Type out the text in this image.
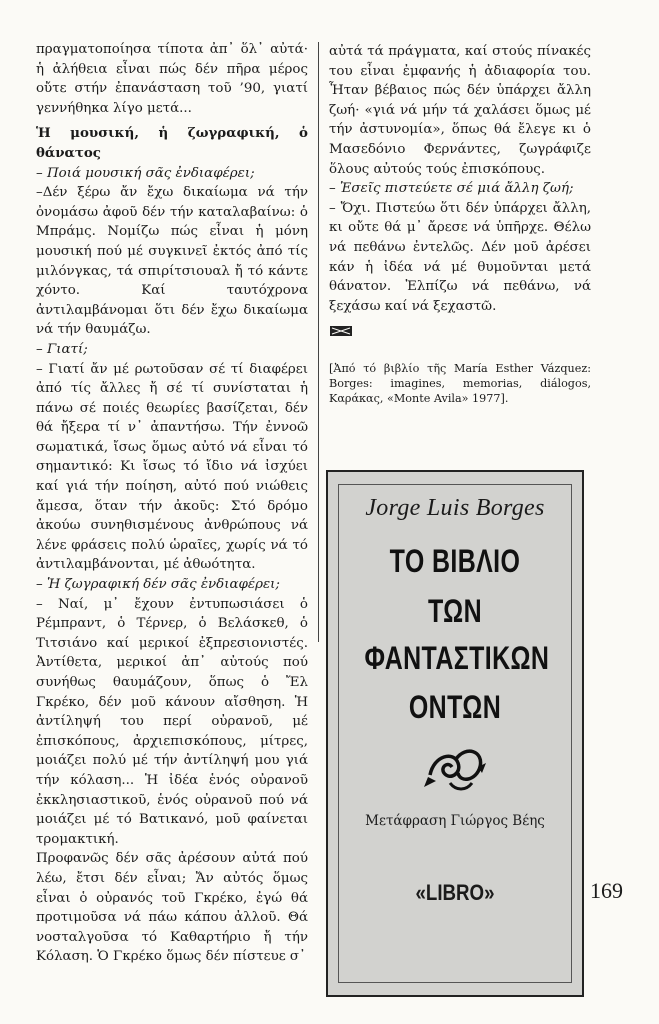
πραγματοποίησα τίποτα ἀπ᾽ ὅλ᾽ αὐτά· ἡ ἀλήθεια εἶναι πώς δέν πῆρα μέρος οὔτε στήν ἐπανάσταση τοῦ ’90, γιατί γεννήθηκα λίγο μετά...

Ἡ μουσική, ἡ ζωγραφική, ὁ θάνατος

– Ποιά μουσική σᾶς ἐνδιαφέρει;

–Δέν ξέρω ἄν ἔχω δικαίωμα νά τήν ὀνομάσω ἀφοῦ δέν τήν καταλαβαίνω: ὁ Μπράμς. Νομίζω πώς εἶναι ἡ μόνη μουσική πού μέ συγκινεῖ ἐκτός ἀπό τίς μιλόνγκας, τά σπιρίτσιουαλ ἤ τό κάντε χόντο. Καί ταυτόχρονα ἀντιλαμβάνομαι ὅτι δέν ἔχω δικαίωμα νά τήν θαυμάζω.

– Γιατί;

– Γιατί ἄν μέ ρωτοῦσαν σέ τί διαφέρει ἀπό τίς ἄλλες ἤ σέ τί συνίσταται ἡ πάνω σέ ποιές θεωρίες βασίζεται, δέν θά ἤξερα τί ν᾽ ἀπαντήσω. Τήν ἐννοῶ σωματικά, ἴσως ὅμως αὐτό νά εἶναι τό σημαντικό: Κι ἴσως τό ἴδιο νά ἰσχύει καί γιά τήν ποίηση, αὐτό πού νιώθεις ἄμεσα, ὅταν τήν ἀκοῦς: Στό δρόμο ἀκούω συνηθισμένους ἀνθρώπους νά λένε φράσεις πολύ ὡραῖες, χωρίς νά τό ἀντιλαμβάνονται, μέ ἀθωότητα.

– Ἡ ζωγραφική δέν σᾶς ἐνδιαφέρει;

– Ναί, μ᾽ ἔχουν ἐντυπωσιάσει ὁ Ρέμπραντ, ὁ Τέρνερ, ὁ Βελάσκεθ, ὁ Τιτσιάνο καί μερικοί ἐξπρεσιονιστές. Ἀντίθετα, μερικοί ἀπ᾽ αὐτούς πού συνήθως θαυμάζουν, ὅπως ὁ Ἔλ Γκρέκο, δέν μοῦ κάνουν αἴσθηση. Ἡ ἀντίληψή του περί οὐρανοῦ, μέ ἐπισκόπους, ἀρχιεπισκόπους, μίτρες, μοιάζει πολύ μέ τήν ἀντίληψή μου γιά τήν κόλαση... Ἡ ἰδέα ἑνός οὐρανοῦ ἐκκλησιαστικοῦ, ἑνός οὐρανοῦ πού νά μοιάζει μέ τό Βατικανό, μοῦ φαίνεται τρομακτική.

Προφανῶς δέν σᾶς ἀρέσουν αὐτά πού λέω, ἔτσι δέν εἶναι; Ἄν αὐτός ὅμως εἶναι ὁ οὐρανός τοῦ Γκρέκο, ἐγώ θά προτιμοῦσα νά πάω κάπου ἀλλοῦ. Θά νοσταλγοῦσα τό Καθαρτήριο ἤ τήν Κόλαση. Ὁ Γκρέκο ὅμως δέν πίστευε σ᾽

αὐτά τά πράγματα, καί στούς πίνακές του εἶναι ἐμφανής ἡ ἀδιαφορία του. Ἦταν βέβαιος πώς δέν ὑπάρχει ἄλλη ζωή· «γιά νά μήν τά χαλάσει ὅμως μέ τήν ἀστυνομία», ὅπως θά ἔλεγε κι ὁ Μασεδόνιο Φερνάντες, ζωγράφιζε ὅλους αὐτούς τούς ἐπισκόπους.

– Ἐσεῖς πιστεύετε σέ μιά ἄλλη ζωή;

– Ὄχι. Πιστεύω ὅτι δέν ὑπάρχει ἄλλη, κι οὔτε θά μ᾽ ἄρεσε νά ὑπῆρχε. Θέλω νά πεθάνω ἐντελῶς. Δέν μοῦ ἀρέσει κάν ἡ ἰδέα νά μέ θυμοῦνται μετά θάνατον. Ἐλπίζω νά πεθάνω, νά ξεχάσω καί νά ξεχαστῶ.

[Ἀπό τό βιβλίο τῆς María Esther Vázquez: Borges: imagines, memorias, diálogos, Καράκας, «Monte Avila» 1977].

Jorge Luis Borges
ΤΟ ΒΙΒΛΙΟ
ΤΩΝ
ΦΑΝΤΑΣΤΙΚΩΝ
ΟΝΤΩΝ
Μετάφραση Γιώργος Βέης
«LIBRO»	169
